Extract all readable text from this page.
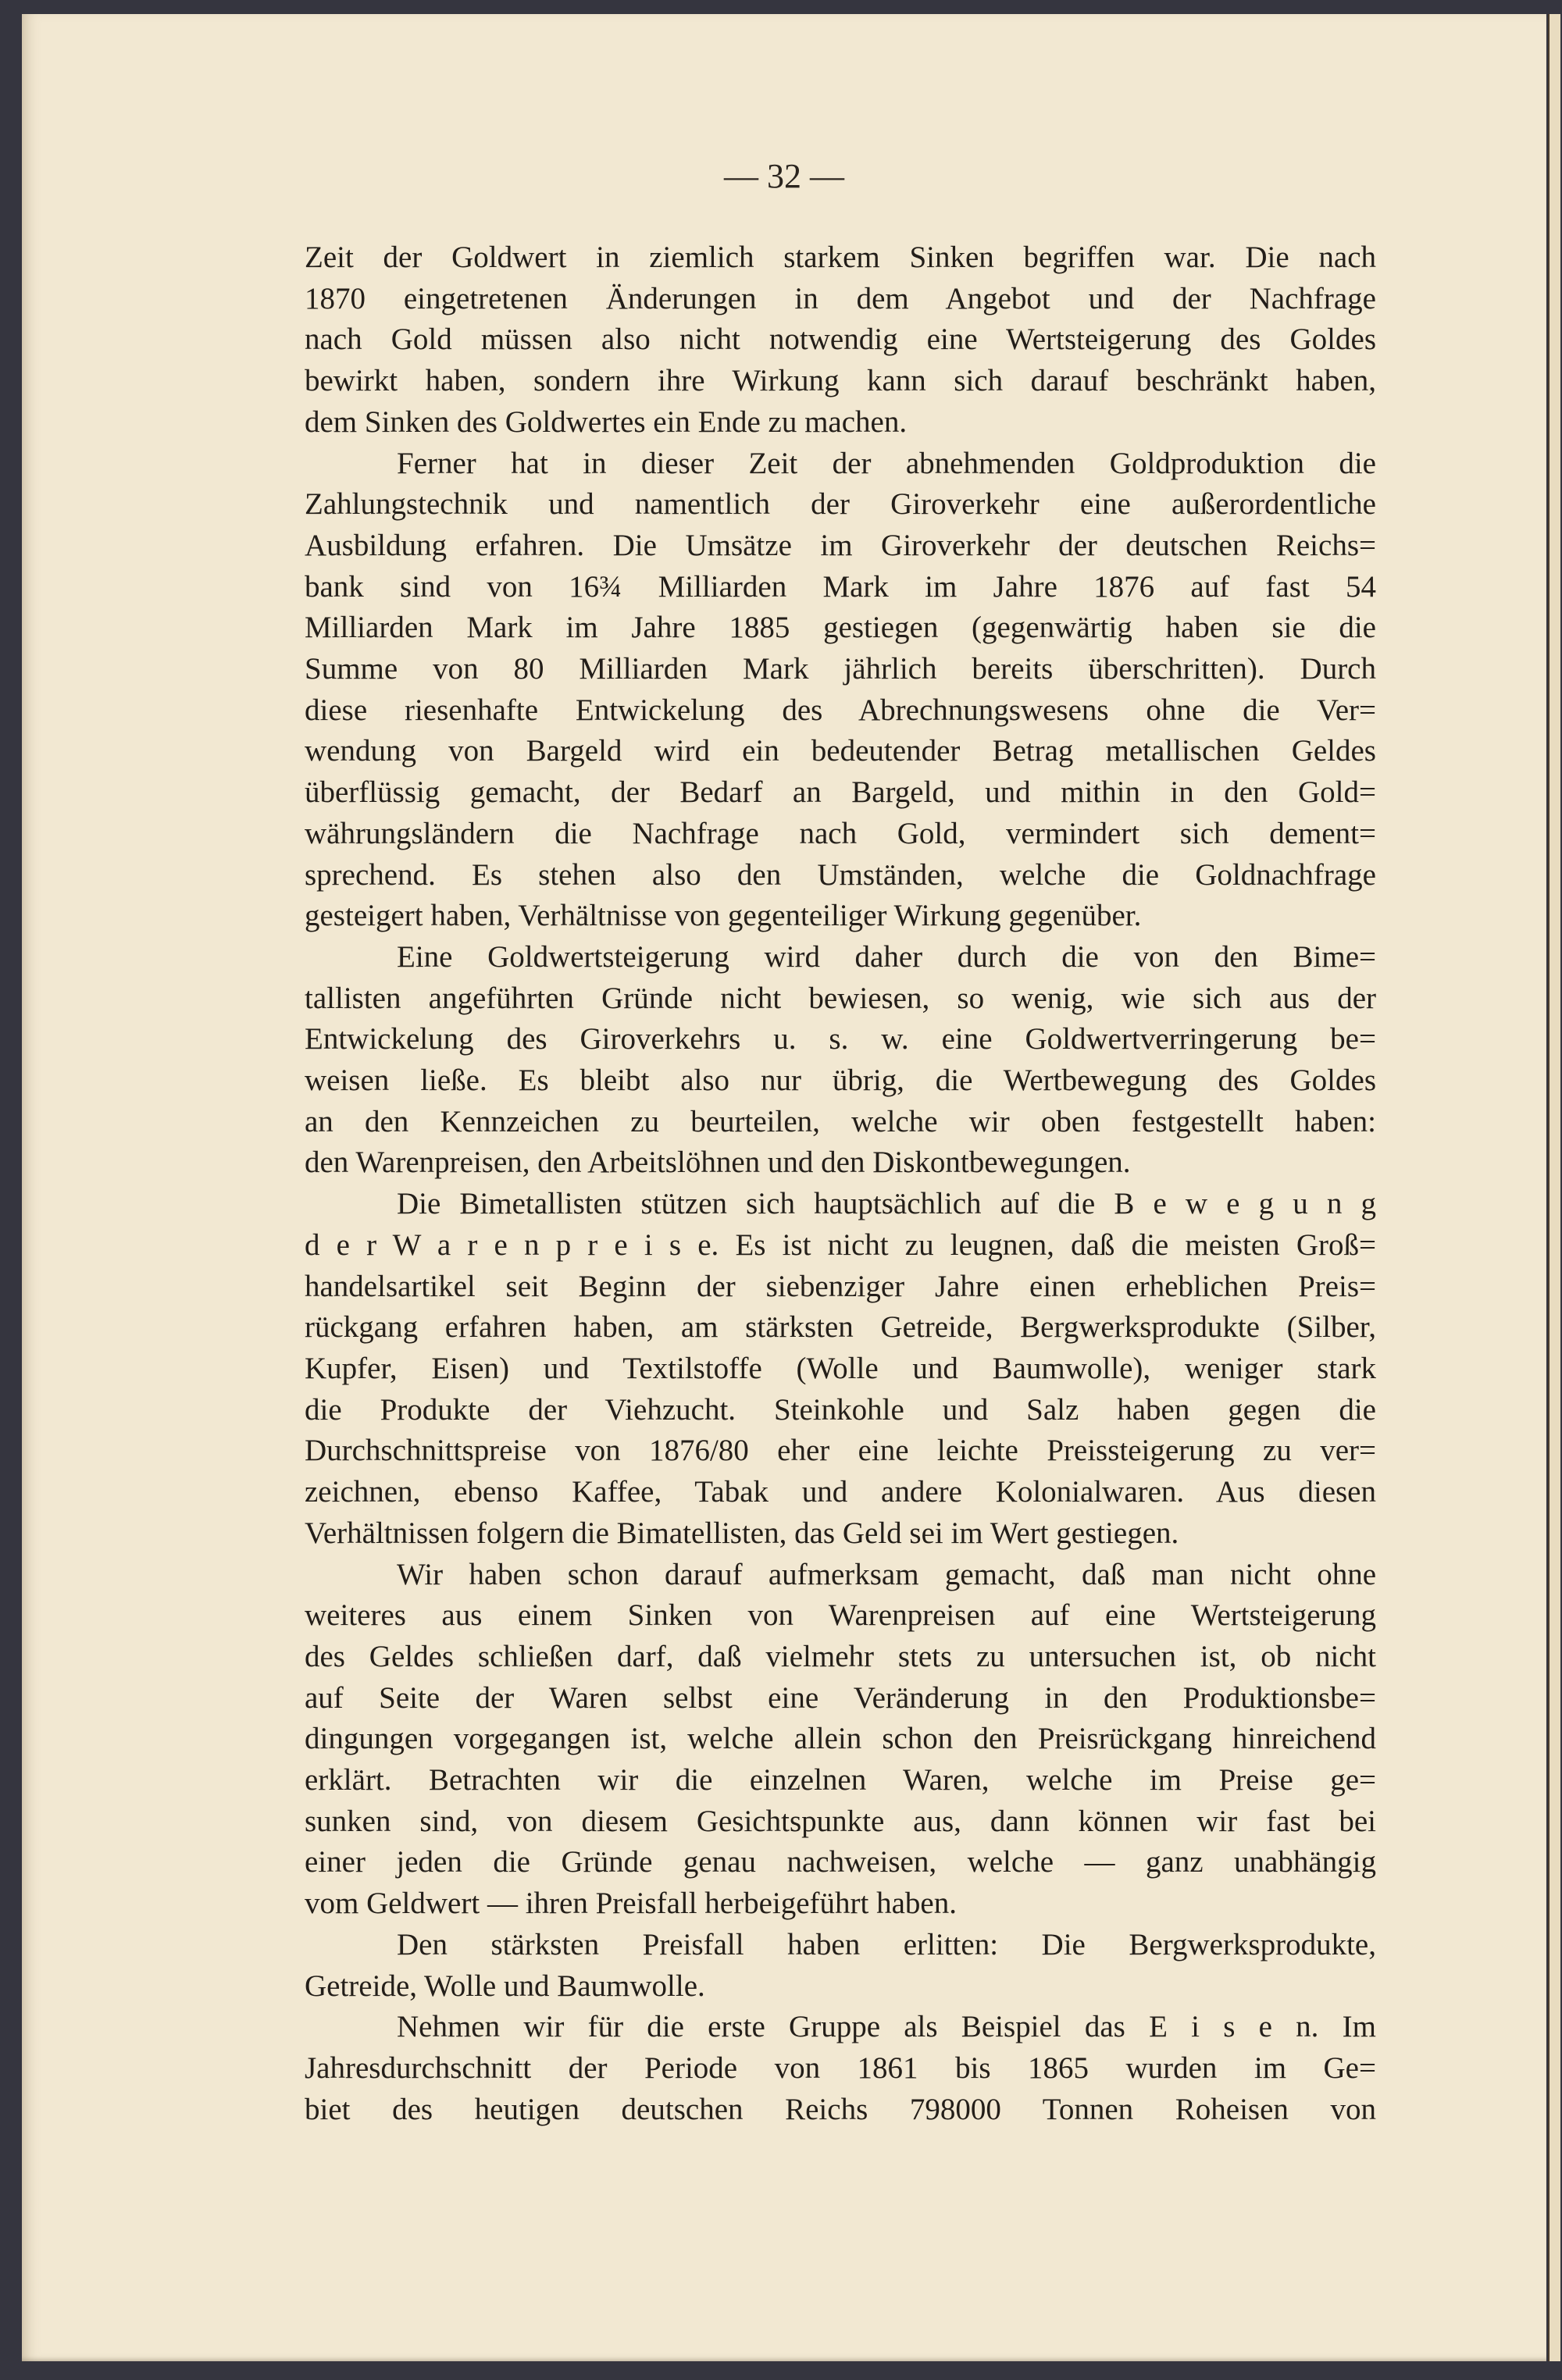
— 32 —
Zeit der Goldwert in ziemlich starkem Sinken begriffen war. Die nach
1870 eingetretenen Änderungen in dem Angebot und der Nachfrage
nach Gold müssen also nicht notwendig eine Wertsteigerung des Goldes
bewirkt haben, sondern ihre Wirkung kann sich darauf beschränkt haben,
dem Sinken des Goldwertes ein Ende zu machen.
Ferner hat in dieser Zeit der abnehmenden Goldproduktion die
Zahlungstechnik und namentlich der Giroverkehr eine außerordentliche
Ausbildung erfahren. Die Umsätze im Giroverkehr der deutschen Reichs=
bank sind von 16¾ Milliarden Mark im Jahre 1876 auf fast 54
Milliarden Mark im Jahre 1885 gestiegen (gegenwärtig haben sie die
Summe von 80 Milliarden Mark jährlich bereits überschritten). Durch
diese riesenhafte Entwickelung des Abrechnungswesens ohne die Ver=
wendung von Bargeld wird ein bedeutender Betrag metallischen Geldes
überflüssig gemacht, der Bedarf an Bargeld, und mithin in den Gold=
währungsländern die Nachfrage nach Gold, vermindert sich dement=
sprechend. Es stehen also den Umständen, welche die Goldnachfrage
gesteigert haben, Verhältnisse von gegenteiliger Wirkung gegenüber.
Eine Goldwertsteigerung wird daher durch die von den Bime=
tallisten angeführten Gründe nicht bewiesen, so wenig, wie sich aus der
Entwickelung des Giroverkehrs u. s. w. eine Goldwertverringerung be=
weisen ließe. Es bleibt also nur übrig, die Wertbewegung des Goldes
an den Kennzeichen zu beurteilen, welche wir oben festgestellt haben:
den Warenpreisen, den Arbeitslöhnen und den Diskontbewegungen.
Die Bimetallisten stützen sich hauptsächlich auf die B e w e g u n g
d e r W a r e n p r e i s e. Es ist nicht zu leugnen, daß die meisten Groß=
handelsartikel seit Beginn der siebenziger Jahre einen erheblichen Preis=
rückgang erfahren haben, am stärksten Getreide, Bergwerksprodukte (Silber,
Kupfer, Eisen) und Textilstoffe (Wolle und Baumwolle), weniger stark
die Produkte der Viehzucht. Steinkohle und Salz haben gegen die
Durchschnittspreise von 1876/80 eher eine leichte Preissteigerung zu ver=
zeichnen, ebenso Kaffee, Tabak und andere Kolonialwaren. Aus diesen
Verhältnissen folgern die Bimatellisten, das Geld sei im Wert gestiegen.
Wir haben schon darauf aufmerksam gemacht, daß man nicht ohne
weiteres aus einem Sinken von Warenpreisen auf eine Wertsteigerung
des Geldes schließen darf, daß vielmehr stets zu untersuchen ist, ob nicht
auf Seite der Waren selbst eine Veränderung in den Produktionsbe=
dingungen vorgegangen ist, welche allein schon den Preisrückgang hinreichend
erklärt. Betrachten wir die einzelnen Waren, welche im Preise ge=
sunken sind, von diesem Gesichtspunkte aus, dann können wir fast bei
einer jeden die Gründe genau nachweisen, welche — ganz unabhängig
vom Geldwert — ihren Preisfall herbeigeführt haben.
Den stärksten Preisfall haben erlitten: Die Bergwerksprodukte,
Getreide, Wolle und Baumwolle.
Nehmen wir für die erste Gruppe als Beispiel das E i s e n. Im
Jahresdurchschnitt der Periode von 1861 bis 1865 wurden im Ge=
biet des heutigen deutschen Reichs 798000 Tonnen Roheisen von
